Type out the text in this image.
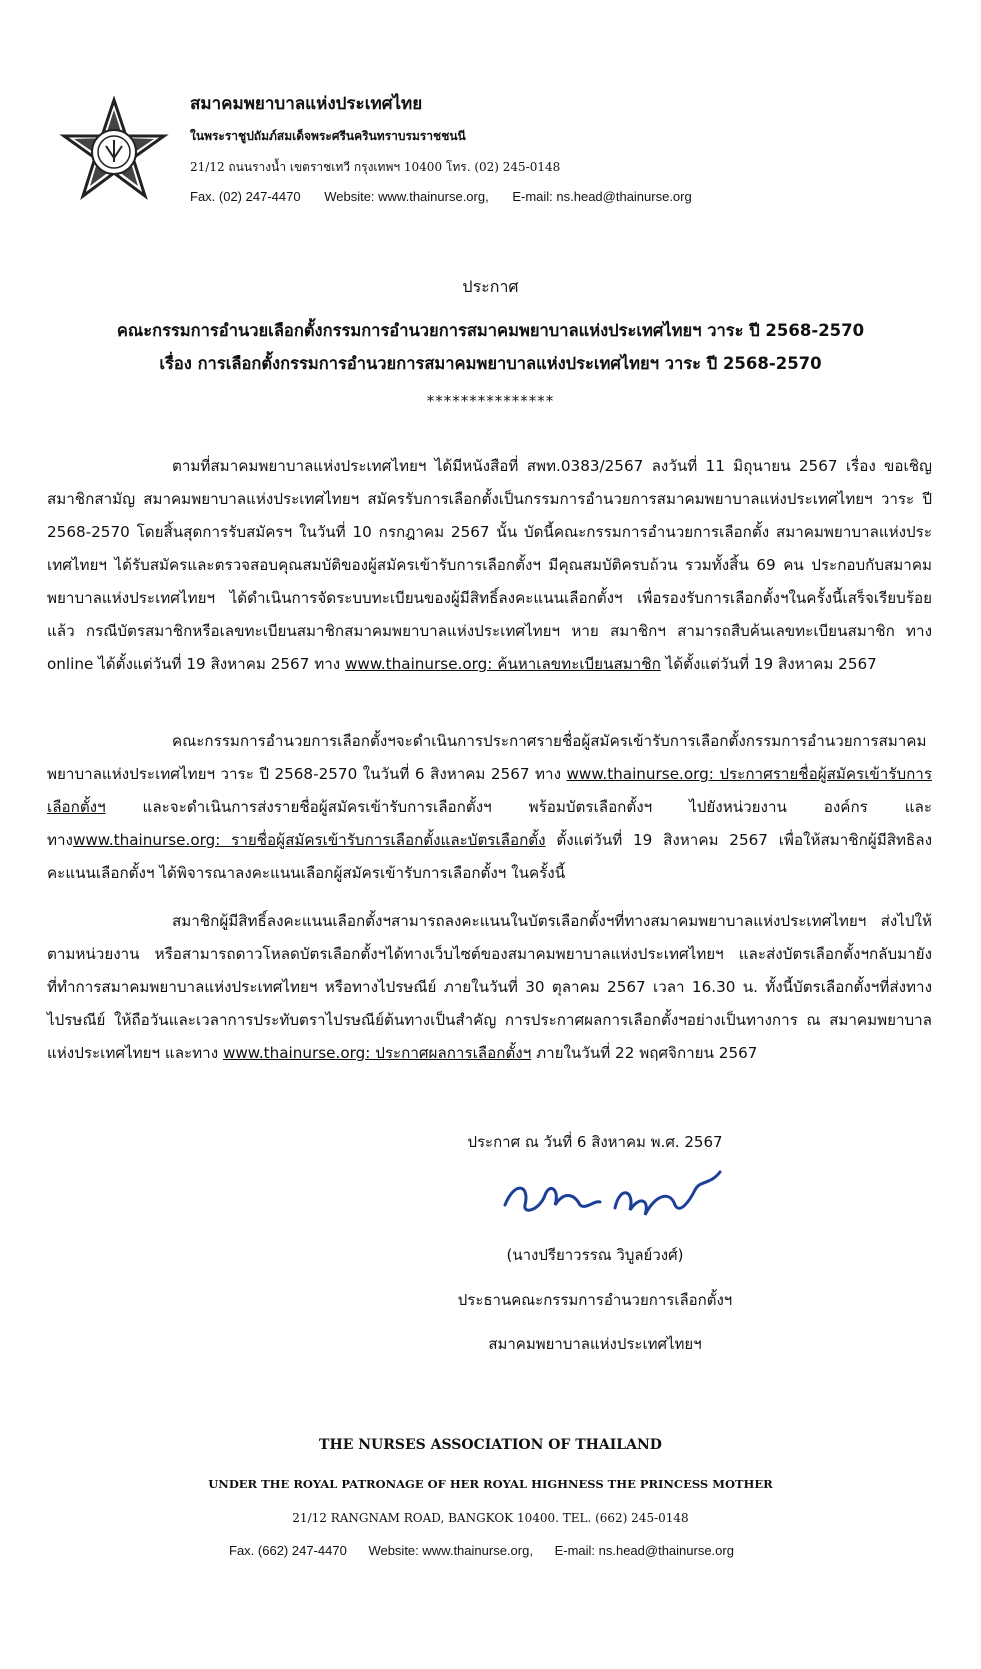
สมาคมพยาบาลแห่งประเทศไทย
ในพระราชูปถัมภ์สมเด็จพระศรีนครินทราบรมราชชนนี
21/12 ถนนรางน้ำ เขตราชเทวี กรุงเทพฯ 10400 โทร. (02) 245-0148
Fax. (02) 247-4470 Website: www.thainurse.org, E-mail: ns.head@thainurse.org
ประกาศ
คณะกรรมการอำนวยเลือกตั้งกรรมการอำนวยการสมาคมพยาบาลแห่งประเทศไทยฯ วาระ ปี 2568-2570
เรื่อง การเลือกตั้งกรรมการอำนวยการสมาคมพยาบาลแห่งประเทศไทยฯ วาระ ปี 2568-2570
***************

ตามที่สมาคมพยาบาลแห่งประเทศไทยฯ ได้มีหนังสือที่ สพท.0383/2567 ลงวันที่ 11 มิถุนายน 2567 เรื่อง ขอเชิญสมาชิกสามัญ สมาคมพยาบาลแห่งประเทศไทยฯ สมัครรับการเลือกตั้งเป็นกรรมการอำนวยการสมาคมพยาบาลแห่งประเทศไทยฯ วาระ ปี 2568-2570 โดยสิ้นสุดการรับสมัครฯ ในวันที่ 10 กรกฎาคม 2567 นั้น บัดนี้คณะกรรมการอำนวยการเลือกตั้ง สมาคมพยาบาลแห่งประเทศไทยฯ ได้รับสมัครและตรวจสอบคุณสมบัติของผู้สมัครเข้ารับการเลือกตั้งฯ มีคุณสมบัติครบถ้วน รวมทั้งสิ้น 69 คน ประกอบกับสมาคมพยาบาลแห่งประเทศไทยฯ ได้ดำเนินการจัดระบบทะเบียนของผู้มีสิทธิ์ลงคะแนนเลือกตั้งฯ เพื่อรองรับการเลือกตั้งฯในครั้งนี้เสร็จเรียบร้อยแล้ว กรณีบัตรสมาชิกหรือเลขทะเบียนสมาชิกสมาคมพยาบาลแห่งประเทศไทยฯ หาย สมาชิกฯ สามารถสืบค้นเลขทะเบียนสมาชิก ทาง online ได้ตั้งแต่วันที่ 19 สิงหาคม 2567 ทาง www.thainurse.org: ค้นหาเลขทะเบียนสมาชิก ได้ตั้งแต่วันที่ 19 สิงหาคม 2567

คณะกรรมการอำนวยการเลือกตั้งฯจะดำเนินการประกาศรายชื่อผู้สมัครเข้ารับการเลือกตั้งกรรมการอำนวยการสมาคมพยาบาลแห่งประเทศไทยฯ วาระ ปี 2568-2570 ในวันที่ 6 สิงหาคม 2567 ทาง www.thainurse.org: ประกาศรายชื่อผู้สมัครเข้ารับการเลือกตั้งฯ และจะดำเนินการส่งรายชื่อผู้สมัครเข้ารับการเลือกตั้งฯ พร้อมบัตรเลือกตั้งฯ ไปยังหน่วยงาน องค์กร และทางwww.thainurse.org: รายชื่อผู้สมัครเข้ารับการเลือกตั้งและบัตรเลือกตั้ง ตั้งแต่วันที่ 19 สิงหาคม 2567 เพื่อให้สมาชิกผู้มีสิทธิลงคะแนนเลือกตั้งฯ ได้พิจารณาลงคะแนนเลือกผู้สมัครเข้ารับการเลือกตั้งฯ ในครั้งนี้

สมาชิกผู้มีสิทธิ์ลงคะแนนเลือกตั้งฯสามารถลงคะแนนในบัตรเลือกตั้งฯที่ทางสมาคมพยาบาลแห่งประเทศไทยฯ ส่งไปให้ตามหน่วยงาน หรือสามารถดาวโหลดบัตรเลือกตั้งฯได้ทางเว็บไซต์ของสมาคมพยาบาลแห่งประเทศไทยฯ และส่งบัตรเลือกตั้งฯกลับมายังที่ทำการสมาคมพยาบาลแห่งประเทศไทยฯ หรือทางไปรษณีย์ ภายในวันที่ 30 ตุลาคม 2567 เวลา 16.30 น. ทั้งนี้บัตรเลือกตั้งฯที่ส่งทางไปรษณีย์ ให้ถือวันและเวลาการประทับตราไปรษณีย์ต้นทางเป็นสำคัญ การประกาศผลการเลือกตั้งฯอย่างเป็นทางการ ณ สมาคมพยาบาลแห่งประเทศไทยฯ และทาง www.thainurse.org: ประกาศผลการเลือกตั้งฯ ภายในวันที่ 22 พฤศจิกายน 2567

ประกาศ ณ วันที่ 6 สิงหาคม พ.ศ. 2567
(นางปรียาวรรณ วิบูลย์วงศ์)
ประธานคณะกรรมการอำนวยการเลือกตั้งฯ
สมาคมพยาบาลแห่งประเทศไทยฯ
THE NURSES ASSOCIATION OF THAILAND
UNDER THE ROYAL PATRONAGE OF HER ROYAL HIGHNESS THE PRINCESS MOTHER
21/12 RANGNAM ROAD, BANGKOK 10400. TEL. (662) 245-0148
Fax. (662) 247-4470 Website: www.thainurse.org, E-mail: ns.head@thainurse.org
